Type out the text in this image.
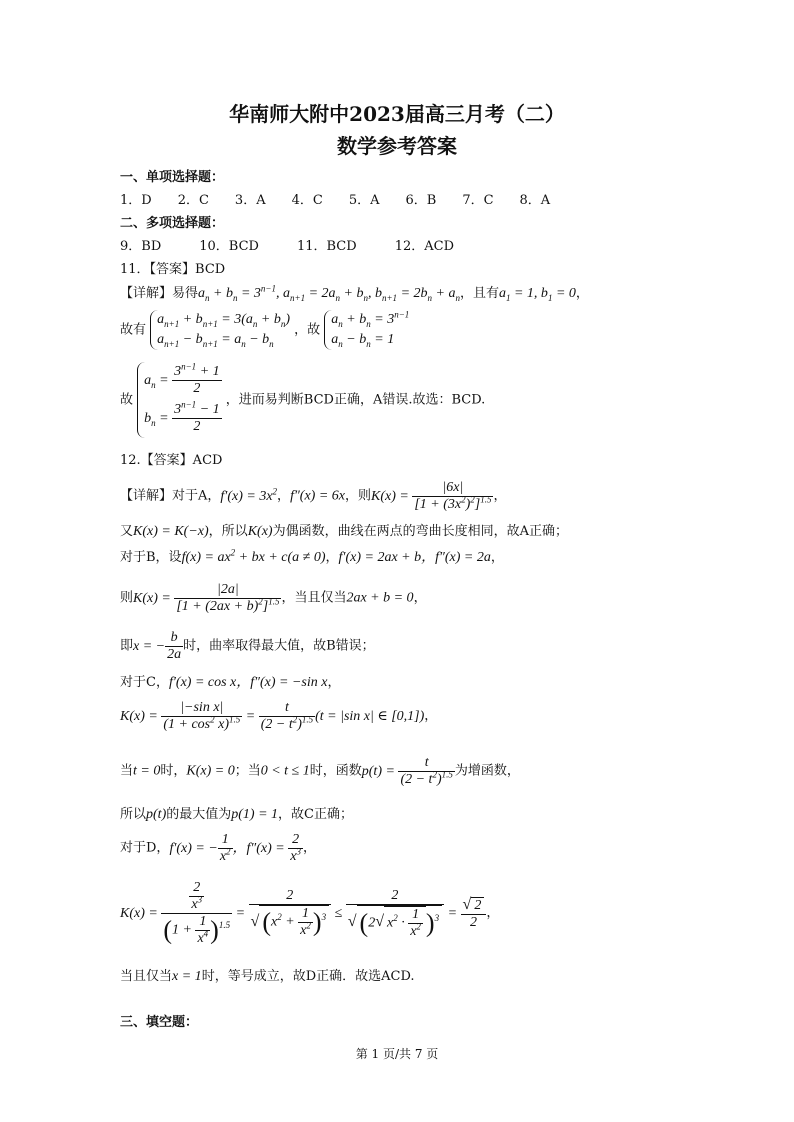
华南师大附中2023届高三月考（二）
数学参考答案
一、单项选择题：
1．D 2．C 3．A 4．C 5．A 6．B 7．C 8．A
二、多项选择题：
9．BD	10．BCD	11．BCD	12．ACD
11．【答案】BCD
【详解】易得$a_n + b_n = 3^{n-1}$, $a_{n+1} = 2a_n + b_n$, $b_{n+1} = 2b_n + a_n$，且有$a_1 = 1$, $b_1 = 0$，
故有
$a_{n+1} + b_{n+1} = 3(a_n + b_n)$
$a_{n+1} - b_{n+1} = a_n - b_n$
，故
$a_n + b_n = 3^{n-1}$
$a_n - b_n = 1$
故
$a_n = \frac{3^{n-1} + 1}{2}$
$b_n = \frac{3^{n-1} - 1}{2}$
，进而易判断BCD正确，A错误.故选：BCD.
12.【答案】ACD
【详解】对于A，$f'(x) = 3x^2$，f″(x) = 6x，则$K(x) = \frac{|6x|}{[1 + (3x^2)^2]^{1.5}}$ ，
又K(x) = K(−x)，所以K(x)为偶函数，曲线在两点的弯曲长度相同，故A正确；
对于B，设$f(x) = ax^2$ + bx + c(a ≠ 0)，f′(x) = 2ax + b，f″(x) = 2a，
则$K(x) = \frac{|2a|}{[1 + (2ax + b)^2]^{1.5}}$ ，当且仅当2ax + b = 0，
即x = − $\frac{b}{2a}$ 时，曲率取得最大值，故B错误；
对于C，f′(x) = cos x，f″(x) = −sin x，
$K(x) = \frac{\text{|−sin x|}}{(1 + \cos^2 x)^{1.5}} = \frac{t}{(2 - t^2)^{1.5}} (t = |\sin$ x| ∈ [0,1])，
当t = 0时，K(x) = 0；当0 < t ≤ 1时，函数$p(t) = \frac{t}{(2 - t^2)^{1.5}}$ 为增函数，
所以p(t)的最大值为p(1) = 1，故C正确；
对于D，f′(x) = − $\frac{1}{x^2}$ ，$f''(x) = \frac{2}{x^3}$ ，
$K(x) = \frac{\frac{2}{x^3}}{(1 + \frac{1}{x^4} )^{1.5}} = \frac{2}{√ (x^2 + \frac{1}{x^2} )^3} \le \frac{2}{√ (2√ x^2 \cdot \frac{1}{x^2} )^3} = \frac{√ 2}{2}$ ，
当且仅当x = 1时，等号成立，故D正确．故选ACD.
三、填空题：
第 1 页/共 7 页
